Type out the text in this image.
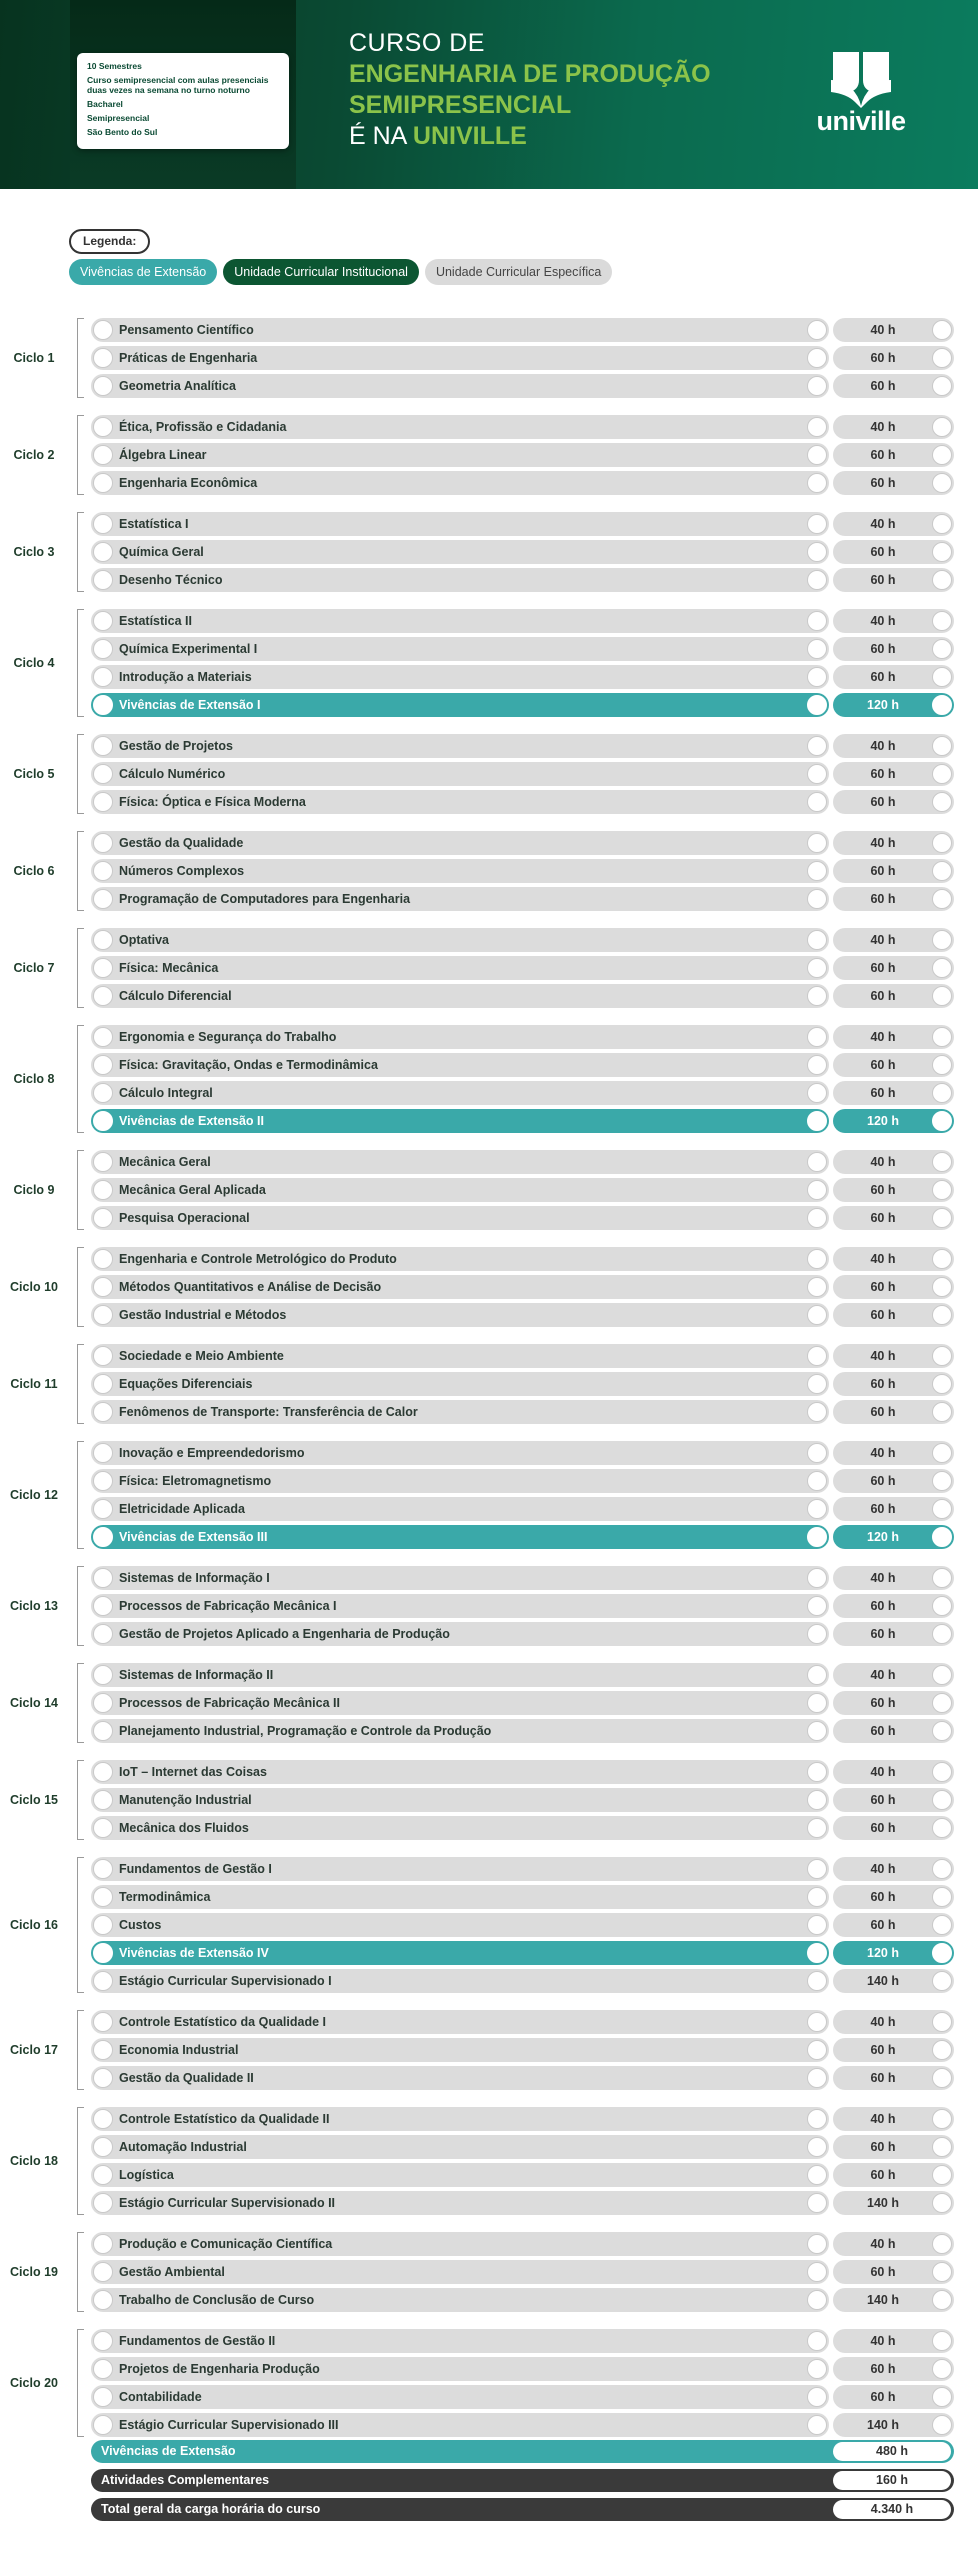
10 Semestres
Curso semipresencial com aulas presenciais duas vezes na semana no turno noturno
Bacharel
Semipresencial
São Bento do Sul
CURSO DE
ENGENHARIA DE PRODUÇÃO
SEMIPRESENCIAL
É NA UNIVILLE	univille
Legenda:
Vivências de Extensão	Unidade Curricular Institucional	Unidade Curricular Específica
Ciclo 1
Pensamento Científico	40 h
Práticas de Engenharia	60 h
Geometria Analítica	60 h
Ciclo 2
Ética, Profissão e Cidadania	40 h
Álgebra Linear	60 h
Engenharia Econômica	60 h
Ciclo 3
Estatística I	40 h
Química Geral	60 h
Desenho Técnico	60 h
Ciclo 4
Estatística II	40 h
Química Experimental I	60 h
Introdução a Materiais	60 h
Vivências de Extensão I	120 h
Ciclo 5
Gestão de Projetos	40 h
Cálculo Numérico	60 h
Física: Óptica e Física Moderna	60 h
Ciclo 6
Gestão da Qualidade	40 h
Números Complexos	60 h
Programação de Computadores para Engenharia	60 h
Ciclo 7
Optativa	40 h
Física: Mecânica	60 h
Cálculo Diferencial	60 h
Ciclo 8
Ergonomia e Segurança do Trabalho	40 h
Física: Gravitação, Ondas e Termodinâmica	60 h
Cálculo Integral	60 h
Vivências de Extensão II	120 h
Ciclo 9
Mecânica Geral	40 h
Mecânica Geral Aplicada	60 h
Pesquisa Operacional	60 h
Ciclo 10
Engenharia e Controle Metrológico do Produto	40 h
Métodos Quantitativos e Análise de Decisão	60 h
Gestão Industrial e Métodos	60 h
Ciclo 11
Sociedade e Meio Ambiente	40 h
Equações Diferenciais	60 h
Fenômenos de Transporte: Transferência de Calor	60 h
Ciclo 12
Inovação e Empreendedorismo	40 h
Física: Eletromagnetismo	60 h
Eletricidade Aplicada	60 h
Vivências de Extensão III	120 h
Ciclo 13
Sistemas de Informação I	40 h
Processos de Fabricação Mecânica I	60 h
Gestão de Projetos Aplicado a Engenharia de Produção	60 h
Ciclo 14
Sistemas de Informação II	40 h
Processos de Fabricação Mecânica II	60 h
Planejamento Industrial, Programação e Controle da Produção	60 h
Ciclo 15
IoT – Internet das Coisas	40 h
Manutenção Industrial	60 h
Mecânica dos Fluidos	60 h
Ciclo 16
Fundamentos de Gestão I	40 h
Termodinâmica	60 h
Custos	60 h
Vivências de Extensão IV	120 h
Estágio Curricular Supervisionado I	140 h
Ciclo 17
Controle Estatístico da Qualidade I	40 h
Economia Industrial	60 h
Gestão da Qualidade II	60 h
Ciclo 18
Controle Estatístico da Qualidade II	40 h
Automação Industrial	60 h
Logística	60 h
Estágio Curricular Supervisionado II	140 h
Ciclo 19
Produção e Comunicação Científica	40 h
Gestão Ambiental	60 h
Trabalho de Conclusão de Curso	140 h
Ciclo 20
Fundamentos de Gestão II	40 h
Projetos de Engenharia Produção	60 h
Contabilidade	60 h
Estágio Curricular Supervisionado III	140 h
Vivências de Extensão	480 h
Atividades Complementares	160 h
Total geral da carga horária do curso	4.340 h
